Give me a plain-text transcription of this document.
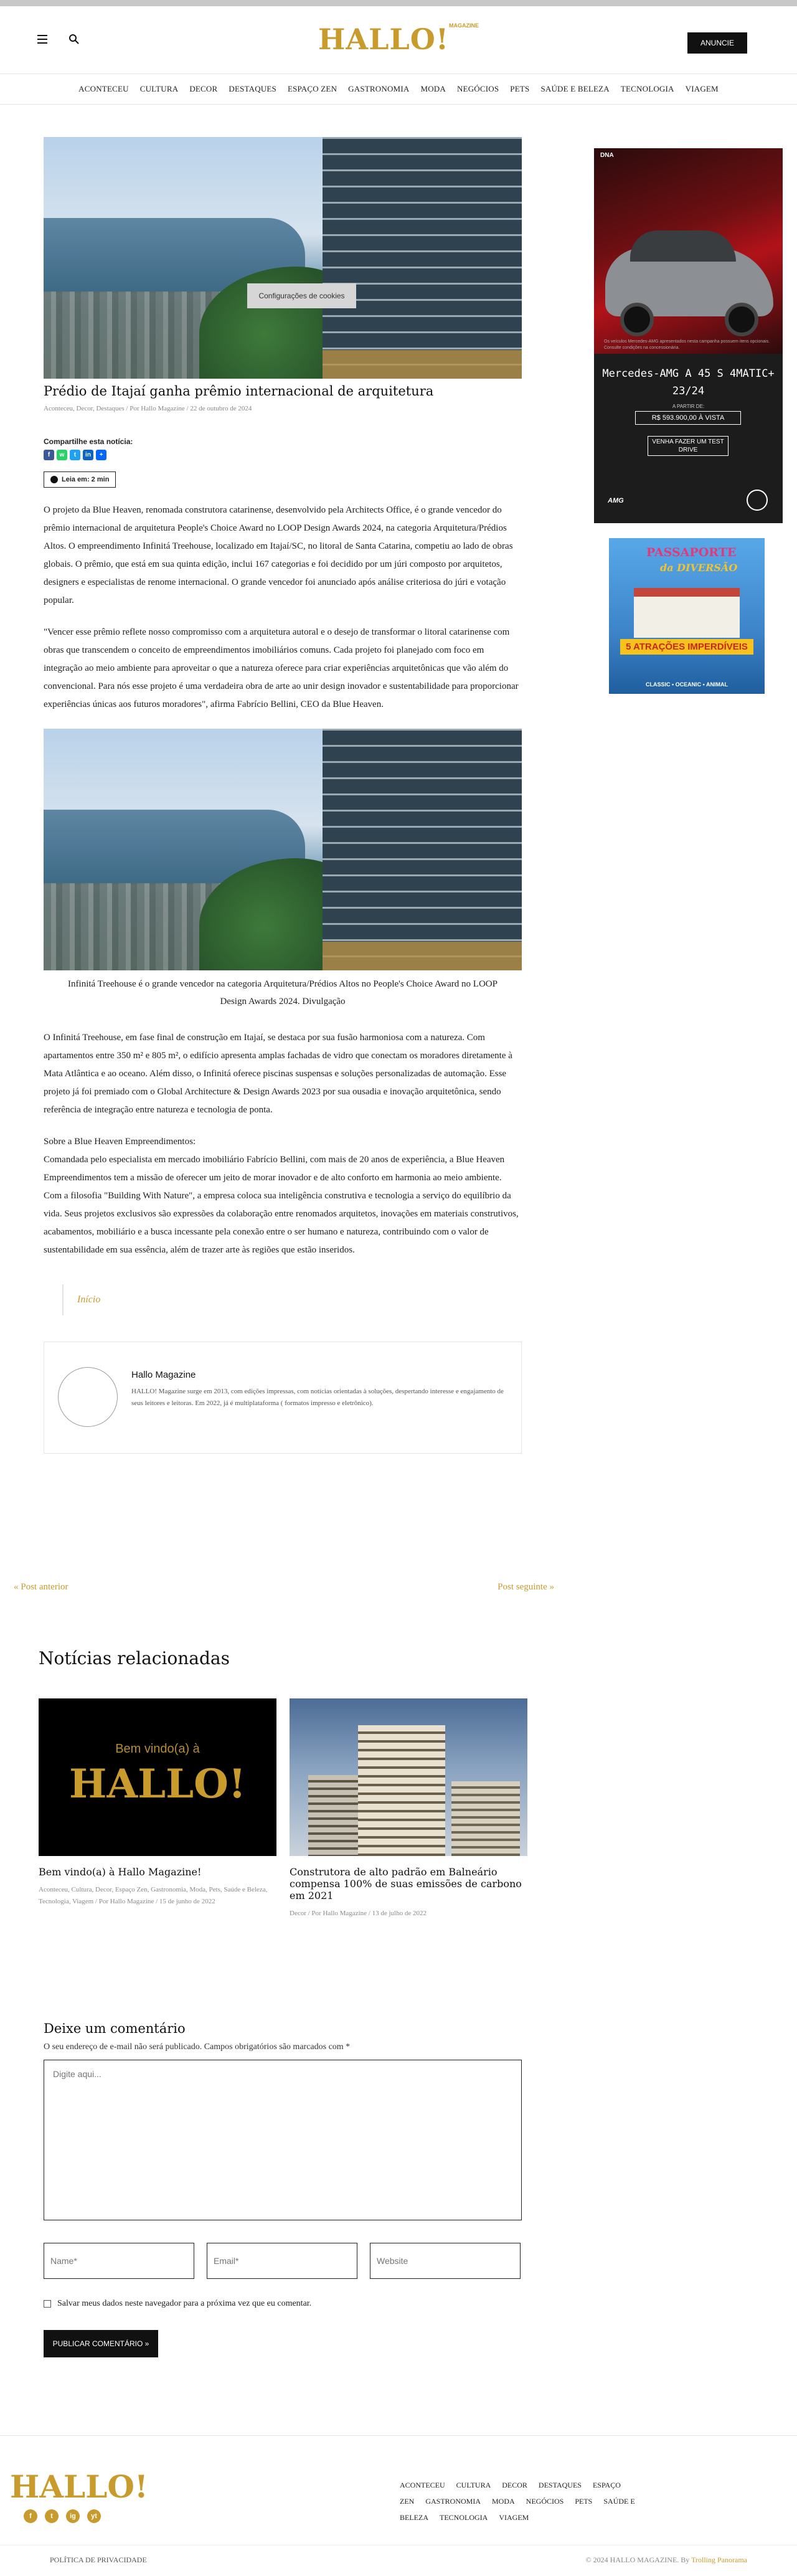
HALLO!$^{MAGAZINE}$
ANUNCIE
ACONTECEU CULTURA DECOR DESTAQUES ESPAÇO ZEN GASTRONOMIA MODA NEGÓCIOS PETS SAÚDE E BELEZA TECNOLOGIA VIAGEM
Prédio de Itajaí ganha prêmio internacional de arquitetura
Aconteceu, Decor, Destaques / Por Hallo Magazine / 22 de outubro de 2024
Compartilhe esta notícia:
f	w	t	in	+
Leia em: 2 min

O projeto da Blue Heaven, renomada construtora catarinense, desenvolvido pela Architects Office, é o grande vencedor do prêmio internacional de arquitetura People's Choice Award no LOOP Design Awards 2024, na categoria Arquitetura/Prédios Altos. O empreendimento Infinitá Treehouse, localizado em Itajaí/SC, no litoral de Santa Catarina, competiu ao lado de obras globais. O prêmio, que está em sua quinta edição, inclui 167 categorias e foi decidido por um júri composto por arquitetos, designers e especialistas de renome internacional. O grande vencedor foi anunciado após análise criteriosa do júri e votação popular.

"Vencer esse prêmio reflete nosso compromisso com a arquitetura autoral e o desejo de transformar o litoral catarinense com obras que transcendem o conceito de empreendimentos imobiliários comuns. Cada projeto foi planejado com foco em integração ao meio ambiente para aproveitar o que a natureza oferece para criar experiências arquitetônicas que vão além do convencional. Para nós esse projeto é uma verdadeira obra de arte ao unir design inovador e sustentabilidade para proporcionar experiências únicas aos futuros moradores", afirma Fabrício Bellini, CEO da Blue Heaven.

Infinitá Treehouse é o grande vencedor na categoria Arquitetura/Prédios Altos no People's Choice Award no LOOP Design Awards 2024. Divulgação

O Infinitá Treehouse, em fase final de construção em Itajaí, se destaca por sua fusão harmoniosa com a natureza. Com apartamentos entre 350 m² e 805 m², o edifício apresenta amplas fachadas de vidro que conectam os moradores diretamente à Mata Atlântica e ao oceano. Além disso, o Infinitá oferece piscinas suspensas e soluções personalizadas de automação. Esse projeto já foi premiado com o Global Architecture & Design Awards 2023 por sua ousadia e inovação arquitetônica, sendo referência de integração entre natureza e tecnologia de ponta.

Sobre a Blue Heaven Empreendimentos:

Comandada pelo especialista em mercado imobiliário Fabrício Bellini, com mais de 20 anos de experiência, a Blue Heaven Empreendimentos tem a missão de oferecer um jeito de morar inovador e de alto conforto em harmonia ao meio ambiente. Com a filosofia "Building With Nature", a empresa coloca sua inteligência construtiva e tecnologia a serviço do equilíbrio da vida. Seus projetos exclusivos são expressões da colaboração entre renomados arquitetos, inovações em materiais construtivos, acabamentos, mobiliário e a busca incessante pela conexão entre o ser humano e natureza, contribuindo com o valor de sustentabilidade em sua essência, além de trazer arte às regiões que estão inseridos.

Início
Hallo Magazine
HALLO! Magazine surge em 2013, com edições impressas, com notícias orientadas à soluções, despertando interesse e engajamento de seus leitores e leitoras. Em 2022, já é multiplataforma ( formatos impresso e eletrônico).
Configurações de cookies
« Post anterior	Post seguinte »
Notícias relacionadas
Bem vindo(a) à
HALLO!
Bem vindo(a) à Hallo Magazine!
Aconteceu, Cultura, Decor, Espaço Zen, Gastronomia, Moda, Pets, Saúde e Beleza, Tecnologia, Viagem / Por Hallo Magazine / 15 de junho de 2022
Construtora de alto padrão em Balneário compensa 100% de suas emissões de carbono em 2021
Decor / Por Hallo Magazine / 13 de julho de 2022
Deixe um comentário

O seu endereço de e-mail não será publicado. Campos obrigatórios são marcados com *

Digite aqui...
Name*
Email*
Website
Salvar meus dados neste navegador para a próxima vez que eu comentar.
PUBLICAR COMENTÁRIO »
DNA
Os veículos Mercedes-AMG apresentados nesta campanha possuem itens opcionais. Consulte condições na concessionária.
Mercedes-AMG A 45 S 4MATIC+ 23/24
A PARTIR DE:
R$ 593.900,00 À VISTA
VENHA FAZER UM TEST DRIVE
AMG
PASSAPORTE
da DIVERSÃO
5 ATRAÇÕES IMPERDÍVEIS
CLASSIC • OCEANIC • ANIMAL
HALLO!	ACONTECEU CULTURA DECOR DESTAQUES ESPAÇO ZEN GASTRONOMIA MODA NEGÓCIOS PETS SAÚDE E BELEZA TECNOLOGIA VIAGEM
f	t	ig	yt
POLÍTICA DE PRIVACIDADE	© 2024 HALLO MAGAZINE. By Trolling Panorama
